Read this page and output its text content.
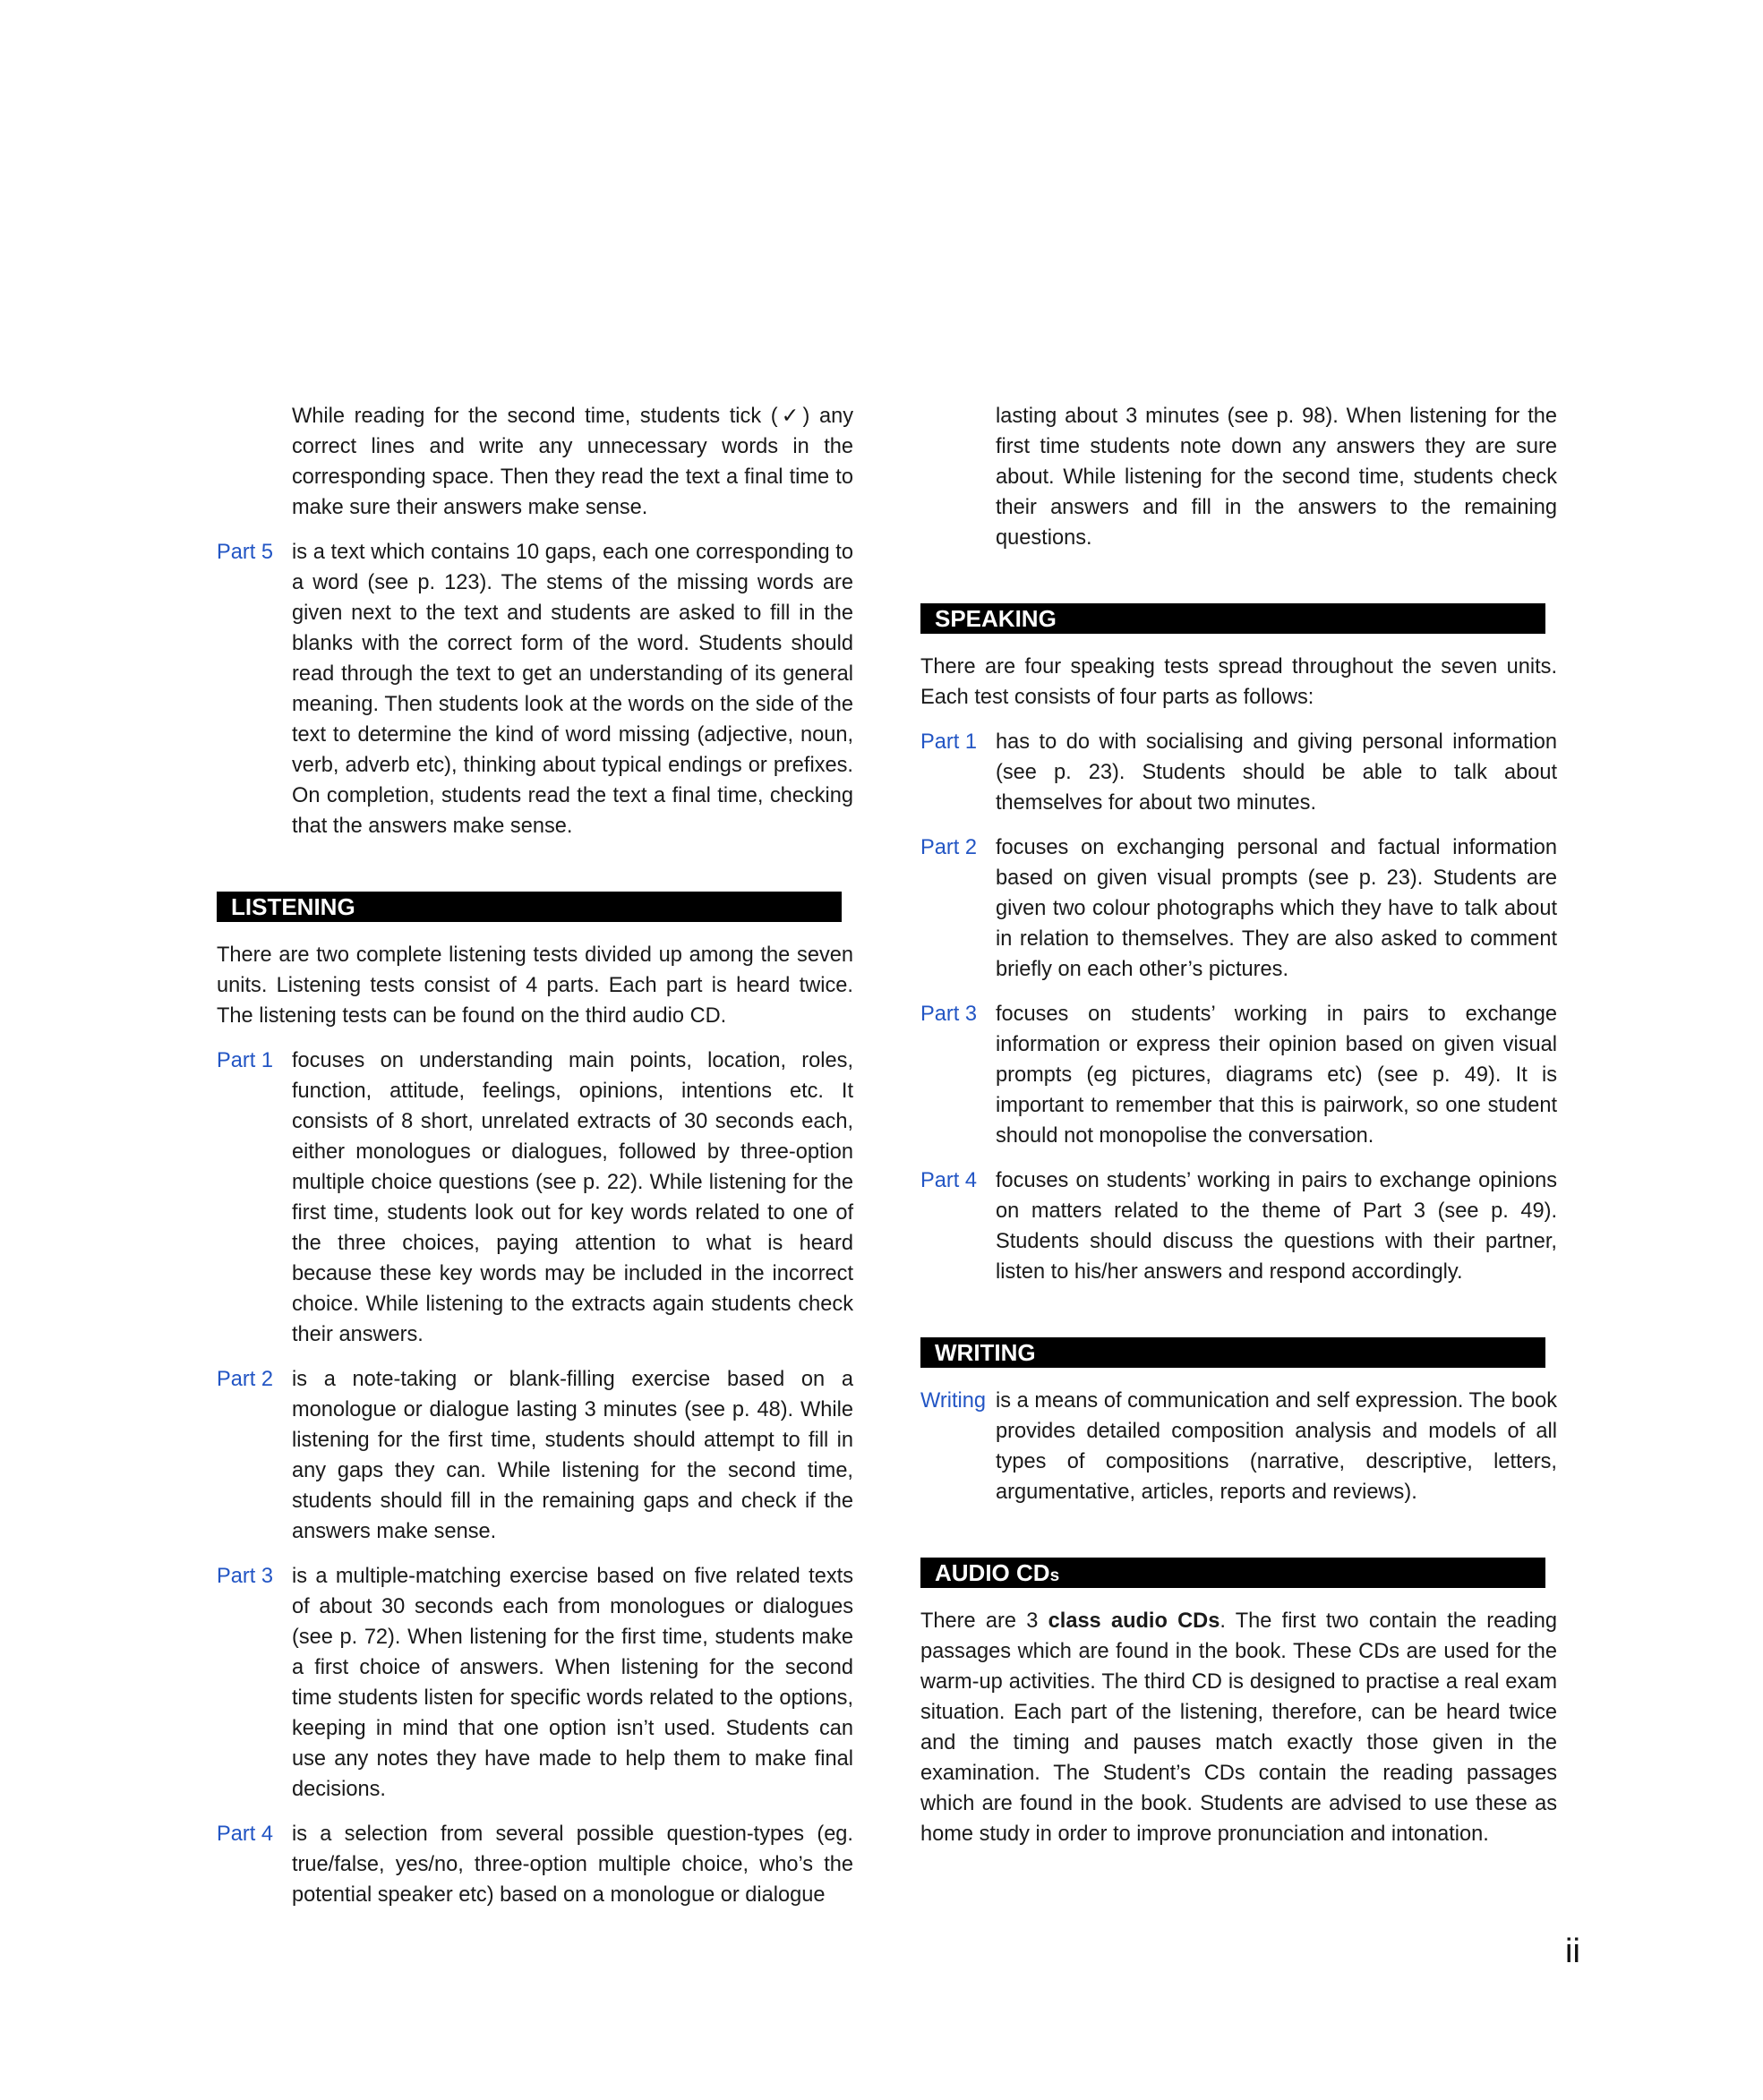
While reading for the second time, students tick (✓) any correct lines and write any unnecessary words in the corresponding space. Then they read the text a final time to make sure their answers make sense.

Part 5 is a text which contains 10 gaps, each one corresponding to a word (see p. 123). The stems of the missing words are given next to the text and students are asked to fill in the blanks with the correct form of the word. Students should read through the text to get an understanding of its general meaning. Then students look at the words on the side of the text to determine the kind of word missing (adjective, noun, verb, adverb etc), thinking about typical endings or prefixes. On completion, students read the text a final time, checking that the answers make sense.
LISTENING

There are two complete listening tests divided up among the seven units. Listening tests consist of 4 parts. Each part is heard twice. The listening tests can be found on the third audio CD.

Part 1 focuses on understanding main points, location, roles, function, attitude, feelings, opinions, intentions etc. It consists of 8 short, unrelated extracts of 30 seconds each, either monologues or dialogues, followed by three-option multiple choice questions (see p. 22). While listening for the first time, students look out for key words related to one of the three choices, paying attention to what is heard because these key words may be included in the incorrect choice. While listening to the extracts again students check their answers.
Part 2 is a note-taking or blank-filling exercise based on a monologue or dialogue lasting 3 minutes (see p. 48). While listening for the first time, students should attempt to fill in any gaps they can. While listening for the second time, students should fill in the remaining gaps and check if the answers make sense.
Part 3 is a multiple-matching exercise based on five related texts of about 30 seconds each from monologues or dialogues (see p. 72). When listening for the first time, students make a first choice of answers. When listening for the second time students listen for specific words related to the options, keeping in mind that one option isn’t used. Students can use any notes they have made to help them to make final decisions.
Part 4 is a selection from several possible question-types (eg. true/false, yes/no, three-option multiple choice, who’s the potential speaker etc) based on a monologue or dialogue

lasting about 3 minutes (see p. 98). When listening for the first time students note down any answers they are sure about. While listening for the second time, students check their answers and fill in the answers to the remaining questions.

SPEAKING

There are four speaking tests spread throughout the seven units. Each test consists of four parts as follows:

Part 1 has to do with socialising and giving personal information (see p. 23). Students should be able to talk about themselves for about two minutes.
Part 2 focuses on exchanging personal and factual information based on given visual prompts (see p. 23). Students are given two colour photographs which they have to talk about in relation to themselves. They are also asked to comment briefly on each other’s pictures.
Part 3 focuses on students’ working in pairs to exchange information or express their opinion based on given visual prompts (eg pictures, diagrams etc) (see p. 49). It is important to remember that this is pairwork, so one student should not monopolise the conversation.
Part 4 focuses on students’ working in pairs to exchange opinions on matters related to the theme of Part 3 (see p. 49). Students should discuss the questions with their partner, listen to his/her answers and respond accordingly.
WRITING
Writing is a means of communication and self expression. The book provides detailed composition analysis and models of all types of compositions (narrative, descriptive, letters, argumentative, articles, reports and reviews).
AUDIO CDs

There are 3 class audio CDs. The first two contain the reading passages which are found in the book. These CDs are used for the warm-up activities. The third CD is designed to practise a real exam situation. Each part of the listening, therefore, can be heard twice and the timing and pauses match exactly those given in the examination. The Student’s CDs contain the reading passages which are found in the book. Students are advised to use these as home study in order to improve pronunciation and intonation.

ii
